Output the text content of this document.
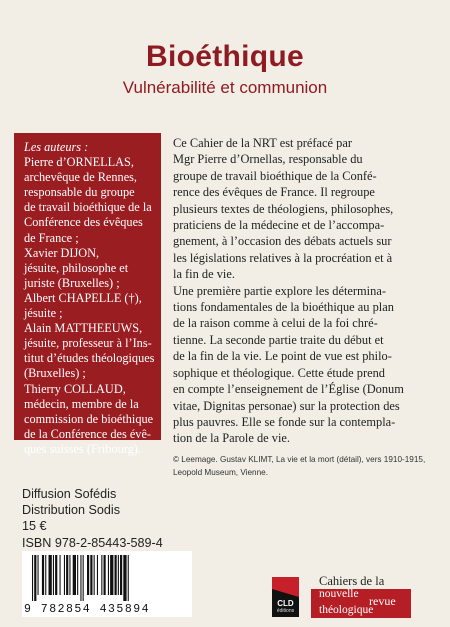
Bioéthique
Vulnérabilité et communion
Les auteurs :
Pierre d’ORNELLAS,
archevêque de Rennes,
responsable du groupe
de travail bioéthique de la
Conférence des évêques
de France ;
Xavier DIJON,
jésuite, philosophe et
juriste (Bruxelles) ;
Albert CHAPELLE (†),
jésuite ;
Alain MATTHEEUWS,
jésuite, professeur à l’Ins-
titut d’études théologiques
(Bruxelles) ;
Thierry COLLAUD,
médecin, membre de la
commission de bioéthique
de la Conférence des évê-
ques suisses (Fribourg).
Ce Cahier de la NRT est préfacé par
Mgr Pierre d’Ornellas, responsable du
groupe de travail bioéthique de la Confé-
rence des évêques de France. Il regroupe
plusieurs textes de théologiens, philosophes,
praticiens de la médecine et de l’accompa-
gnement, à l’occasion des débats actuels sur
les législations relatives à la procréation et à
la fin de vie.
Une première partie explore les détermina-
tions fondamentales de la bioéthique au plan
de la raison comme à celui de la foi chré-
tienne. La seconde partie traite du début et
de la fin de la vie. Le point de vue est philo-
sophique et théologique. Cette étude prend
en compte l’enseignement de l’Église (Donum
vitae, Dignitas personae) sur la protection des
plus pauvres. Elle se fonde sur la contempla-
tion de la Parole de vie.
© Leemage. Gustav KLIMT, La vie et la mort (détail), vers 1910-1915,
Leopold Museum, Vienne.
Diffusion Sofédis
Distribution Sodis
15 €
ISBN 978-2-85443-589-4
9 782854 435894	CLD
éditions
Cahiers de la
nouvelle revue
théologique
